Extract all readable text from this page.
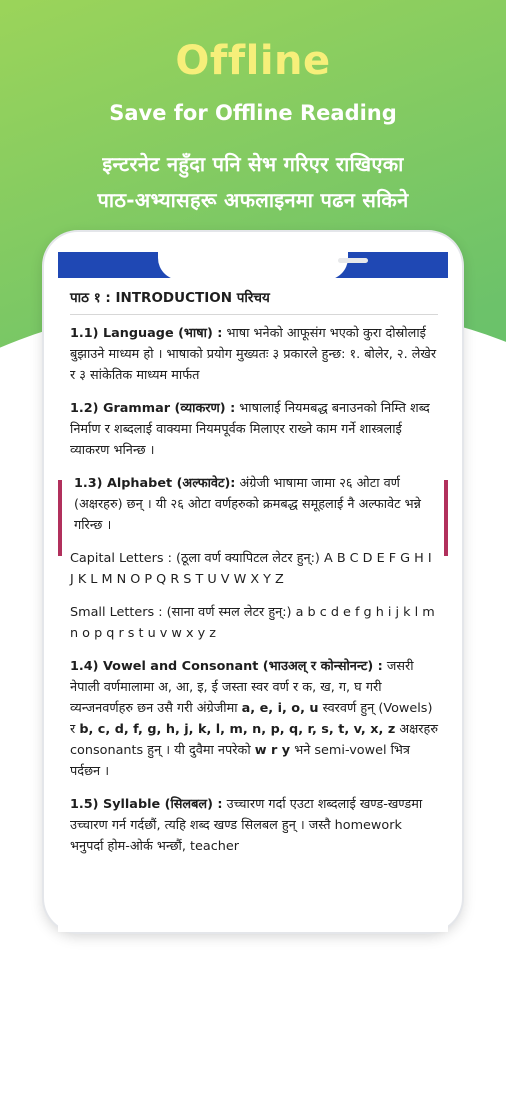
Offline
Save for Offline Reading
इन्टरनेट नहुँदा पनि सेभ गरिएर राखिएका
पाठ-अभ्यासहरू अफलाइनमा पढन सकिने
पाठ १ : INTRODUCTION परिचय

1.1) Language (भाषा) : भाषा भनेको आफूसंग भएको कुरा दोस्रोलाई बुझाउने माध्यम हो । भाषाको प्रयोग मुख्यतः ३ प्रकारले हुन्छ: १. बोलेर, २. लेखेर र ३ सांकेतिक माध्यम मार्फत

1.2) Grammar (व्याकरण) : भाषालाई नियमबद्ध बनाउनको निम्ति शब्द निर्माण र शब्दलाई वाक्यमा नियमपूर्वक मिलाएर राख्ने काम गर्ने शास्त्रलाई व्याकरण भनिन्छ ।

1.3) Alphabet (अल्फावेट): अंग्रेजी भाषामा जामा २६ ओटा वर्ण (अक्षरहरु) छन् । यी २६ ओटा वर्णहरुको क्रमबद्ध समूहलाई नै अल्फावेट भन्ने गरिन्छ ।

Capital Letters : (ठूला वर्ण क्यापिटल लेटर हुन्:) A B C D E F G H I J K L M N O P Q R S T U V W X Y Z

Small Letters : (साना वर्ण स्मल लेटर हुन्:) a b c d e f g h i j k l m n o p q r s t u v w x y z

1.4) Vowel and Consonant (भाउअल् र कोन्सोनन्ट) : जसरी नेपाली वर्णमालामा अ, आ, इ, ई जस्ता स्वर वर्ण र क, ख, ग, घ गरी व्यन्जनवर्णहरु छन उसै गरी अंग्रेजीमा a, e, i, o, u स्वरवर्ण हुन् (Vowels) र b, c, d, f, g, h, j, k, l, m, n, p, q, r, s, t, v, x, z अक्षरहरु consonants हुन् । यी दुवैमा नपरेको w r y भने semi-vowel भित्र पर्दछन ।

1.5) Syllable (सिलबल) : उच्चारण गर्दा एउटा शब्दलाई खण्ड-खण्डमा उच्चारण गर्न गर्दछौं, त्यहि शब्द खण्ड सिलबल हुन् । जस्तै homework भनुपर्दा होम-ओर्क भन्छौं, teacher
